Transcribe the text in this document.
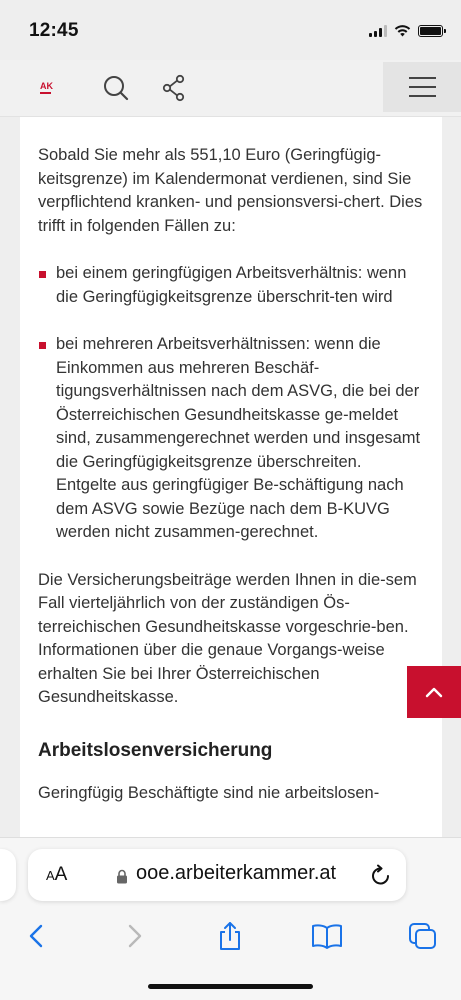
12:45
AK

Sobald Sie mehr als 551,10 Euro (Geringfügig-keitsgrenze) im Kalendermonat verdienen, sind Sie verpflichtend kranken- und pensionsversi-chert. Dies trifft in folgenden Fällen zu:

bei einem geringfügigen Arbeitsverhältnis: wenn die Geringfügigkeitsgrenze überschrit-ten wird
bei mehreren Arbeitsverhältnissen: wenn die Einkommen aus mehreren Beschäf-tigungsverhältnissen nach dem ASVG, die bei der Österreichischen Gesundheitskasse ge-meldet sind, zusammengerechnet werden und insgesamt die Geringfügigkeitsgrenze überschreiten. Entgelte aus geringfügiger Be-schäftigung nach dem ASVG sowie Bezüge nach dem B-KUVG werden nicht zusammen-gerechnet.

Die Versicherungsbeiträge werden Ihnen in die-sem Fall vierteljährlich von der zuständigen Ös-terreichischen Gesundheitskasse vorgeschrie-ben. Informationen über die genaue Vorgangs-weise erhalten Sie bei Ihrer Österreichischen Gesundheitskasse.

Arbeitslosenversicherung

Geringfügig Beschäftigte sind nie arbeitslosen-

AA	ooe.arbeiterkammer.at
